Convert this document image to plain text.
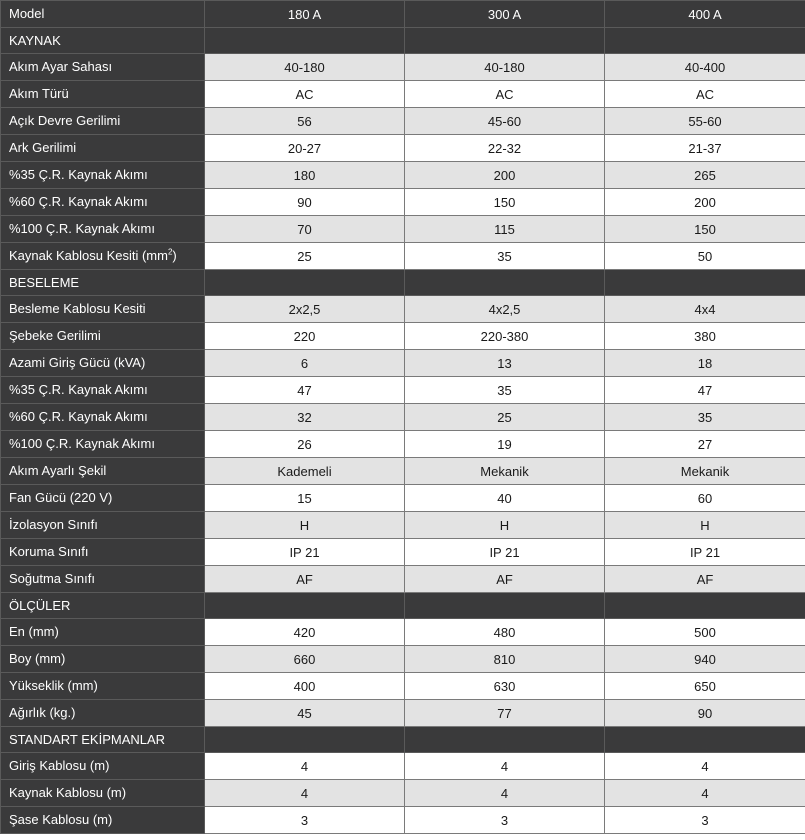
Model	180 A	300 A	400 A
KAYNAK			
Akım Ayar Sahası	40-180	40-180	40-400
Akım Türü	AC	AC	AC
Açık Devre Gerilimi	56	45-60	55-60
Ark Gerilimi	20-27	22-32	21-37
%35 Ç.R. Kaynak Akımı	180	200	265
%60 Ç.R. Kaynak Akımı	90	150	200
%100 Ç.R. Kaynak Akımı	70	115	150
Kaynak Kablosu Kesiti $(mm^2)$	25	35	50
BESELEME			
Besleme Kablosu Kesiti	2x2,5	4x2,5	4x4
Şebeke Gerilimi	220	220-380	380
Azami Giriş Gücü (kVA)	6	13	18
%35 Ç.R. Kaynak Akımı	47	35	47
%60 Ç.R. Kaynak Akımı	32	25	35
%100 Ç.R. Kaynak Akımı	26	19	27
Akım Ayarlı Şekil	Kademeli	Mekanik	Mekanik
Fan Gücü (220 V)	15	40	60
İzolasyon Sınıfı	H	H	H
Koruma Sınıfı	IP 21	IP 21	IP 21
Soğutma Sınıfı	AF	AF	AF
ÖLÇÜLER			
En (mm)	420	480	500
Boy (mm)	660	810	940
Yükseklik (mm)	400	630	650
Ağırlık (kg.)	45	77	90
STANDART EKİPMANLAR			
Giriş Kablosu (m)	4	4	4
Kaynak Kablosu (m)	4	4	4
Şase Kablosu (m)	3	3	3
